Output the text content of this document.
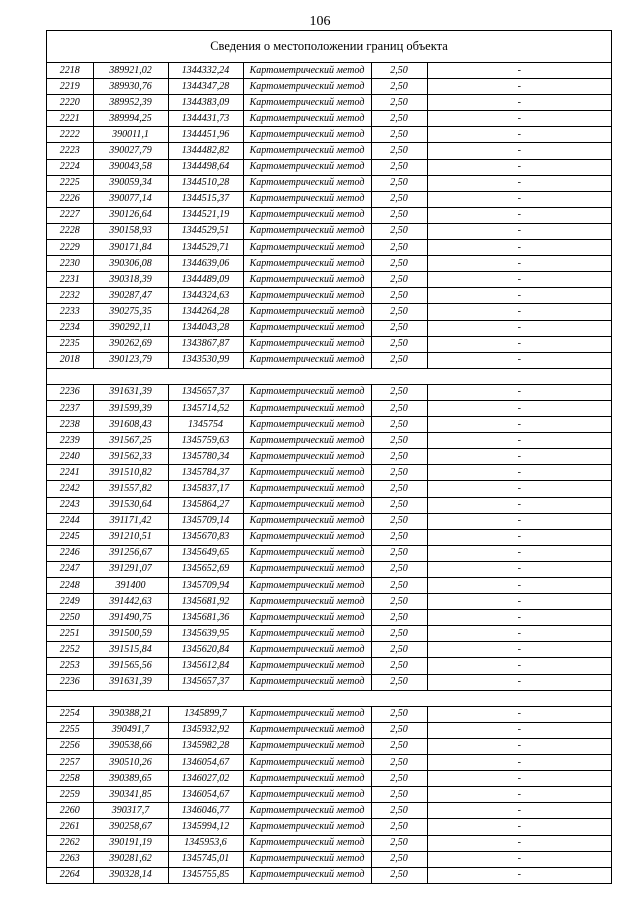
106
Сведения о местоположении границ объекта
2218	389921,02	1344332,24	Картометрический метод	2,50	-
2219	389930,76	1344347,28	Картометрический метод	2,50	-
2220	389952,39	1344383,09	Картометрический метод	2,50	-
2221	389994,25	1344431,73	Картометрический метод	2,50	-
2222	390011,1	1344451,96	Картометрический метод	2,50	-
2223	390027,79	1344482,82	Картометрический метод	2,50	-
2224	390043,58	1344498,64	Картометрический метод	2,50	-
2225	390059,34	1344510,28	Картометрический метод	2,50	-
2226	390077,14	1344515,37	Картометрический метод	2,50	-
2227	390126,64	1344521,19	Картометрический метод	2,50	-
2228	390158,93	1344529,51	Картометрический метод	2,50	-
2229	390171,84	1344529,71	Картометрический метод	2,50	-
2230	390306,08	1344639,06	Картометрический метод	2,50	-
2231	390318,39	1344489,09	Картометрический метод	2,50	-
2232	390287,47	1344324,63	Картометрический метод	2,50	-
2233	390275,35	1344264,28	Картометрический метод	2,50	-
2234	390292,11	1344043,28	Картометрический метод	2,50	-
2235	390262,69	1343867,87	Картометрический метод	2,50	-
2018	390123,79	1343530,99	Картометрический метод	2,50	-

2236	391631,39	1345657,37	Картометрический метод	2,50	-
2237	391599,39	1345714,52	Картометрический метод	2,50	-
2238	391608,43	1345754	Картометрический метод	2,50	-
2239	391567,25	1345759,63	Картометрический метод	2,50	-
2240	391562,33	1345780,34	Картометрический метод	2,50	-
2241	391510,82	1345784,37	Картометрический метод	2,50	-
2242	391557,82	1345837,17	Картометрический метод	2,50	-
2243	391530,64	1345864,27	Картометрический метод	2,50	-
2244	391171,42	1345709,14	Картометрический метод	2,50	-
2245	391210,51	1345670,83	Картометрический метод	2,50	-
2246	391256,67	1345649,65	Картометрический метод	2,50	-
2247	391291,07	1345652,69	Картометрический метод	2,50	-
2248	391400	1345709,94	Картометрический метод	2,50	-
2249	391442,63	1345681,92	Картометрический метод	2,50	-
2250	391490,75	1345681,36	Картометрический метод	2,50	-
2251	391500,59	1345639,95	Картометрический метод	2,50	-
2252	391515,84	1345620,84	Картометрический метод	2,50	-
2253	391565,56	1345612,84	Картометрический метод	2,50	-
2236	391631,39	1345657,37	Картометрический метод	2,50	-

2254	390388,21	1345899,7	Картометрический метод	2,50	-
2255	390491,7	1345932,92	Картометрический метод	2,50	-
2256	390538,66	1345982,28	Картометрический метод	2,50	-
2257	390510,26	1346054,67	Картометрический метод	2,50	-
2258	390389,65	1346027,02	Картометрический метод	2,50	-
2259	390341,85	1346054,67	Картометрический метод	2,50	-
2260	390317,7	1346046,77	Картометрический метод	2,50	-
2261	390258,67	1345994,12	Картометрический метод	2,50	-
2262	390191,19	1345953,6	Картометрический метод	2,50	-
2263	390281,62	1345745,01	Картометрический метод	2,50	-
2264	390328,14	1345755,85	Картометрический метод	2,50	-
